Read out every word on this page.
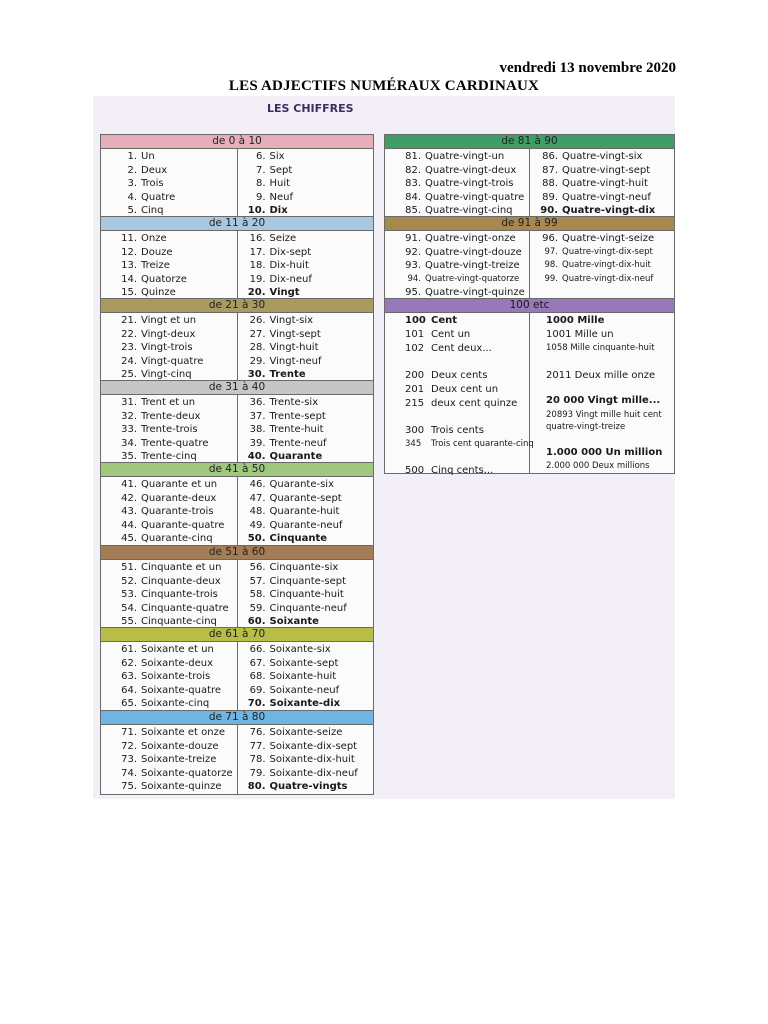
vendredi 13 novembre 2020
LES ADJECTIFS NUMÉRAUX CARDINAUX
LES CHIFFRES
de 0 à 10
1. Un
2. Deux
3. Trois
4. Quatre
5. Cinq
6. Six
7. Sept
8. Huit
9. Neuf
10. Dix
de 11 à 20
11. Onze
12. Douze
13. Treize
14. Quatorze
15. Quinze
16. Seize
17. Dix-sept
18. Dix-huit
19. Dix-neuf
20. Vingt
de 21 à 30
21. Vingt et un
22. Vingt-deux
23. Vingt-trois
24. Vingt-quatre
25. Vingt-cinq
26. Vingt-six
27. Vingt-sept
28. Vingt-huit
29. Vingt-neuf
30. Trente
de 31 à 40
31. Trent et un
32. Trente-deux
33. Trente-trois
34. Trente-quatre
35. Trente-cinq
36. Trente-six
37. Trente-sept
38. Trente-huit
39. Trente-neuf
40. Quarante
de 41 à 50
41. Quarante et un
42. Quarante-deux
43. Quarante-trois
44. Quarante-quatre
45. Quarante-cinq
46. Quarante-six
47. Quarante-sept
48. Quarante-huit
49. Quarante-neuf
50. Cinquante
de 51 à 60
51. Cinquante et un
52. Cinquante-deux
53. Cinquante-trois
54. Cinquante-quatre
55. Cinquante-cinq
56. Cinquante-six
57. Cinquante-sept
58. Cinquante-huit
59. Cinquante-neuf
60. Soixante
de 61 à 70
61. Soixante et un
62. Soixante-deux
63. Soixante-trois
64. Soixante-quatre
65. Soixante-cinq
66. Soixante-six
67. Soixante-sept
68. Soixante-huit
69. Soixante-neuf
70. Soixante-dix
de 71 à 80
71. Soixante et onze
72. Soixante-douze
73. Soixante-treize
74. Soixante-quatorze
75. Soixante-quinze
76. Soixante-seize
77. Soixante-dix-sept
78. Soixante-dix-huit
79. Soixante-dix-neuf
80. Quatre-vingts
de 81 à 90
81. Quatre-vingt-un
82. Quatre-vingt-deux
83. Quatre-vingt-trois
84. Quatre-vingt-quatre
85. Quatre-vingt-cinq
86. Quatre-vingt-six
87. Quatre-vingt-sept
88. Quatre-vingt-huit
89. Quatre-vingt-neuf
90. Quatre-vingt-dix
de 91 à 99
91. Quatre-vingt-onze
92. Quatre-vingt-douze
93. Quatre-vingt-treize
94. Quatre-vingt-quatorze
95. Quatre-vingt-quinze
96. Quatre-vingt-seize
97. Quatre-vingt-dix-sept
98. Quatre-vingt-dix-huit
99. Quatre-vingt-dix-neuf
100 etc
100 Cent
101 Cent un
102 Cent deux...
200 Deux cents
201 Deux cent un
215 deux cent quinze
300 Trois cents
345 Trois cent quarante-cinq
500 Cinq cents...
1000 Mille
1001 Mille un
1058 Mille cinquante-huit
2011 Deux mille onze
20 000 Vingt mille...
20893 Vingt mille huit cent quatre-vingt-treize
1.000 000 Un million
2.000 000 Deux millions
